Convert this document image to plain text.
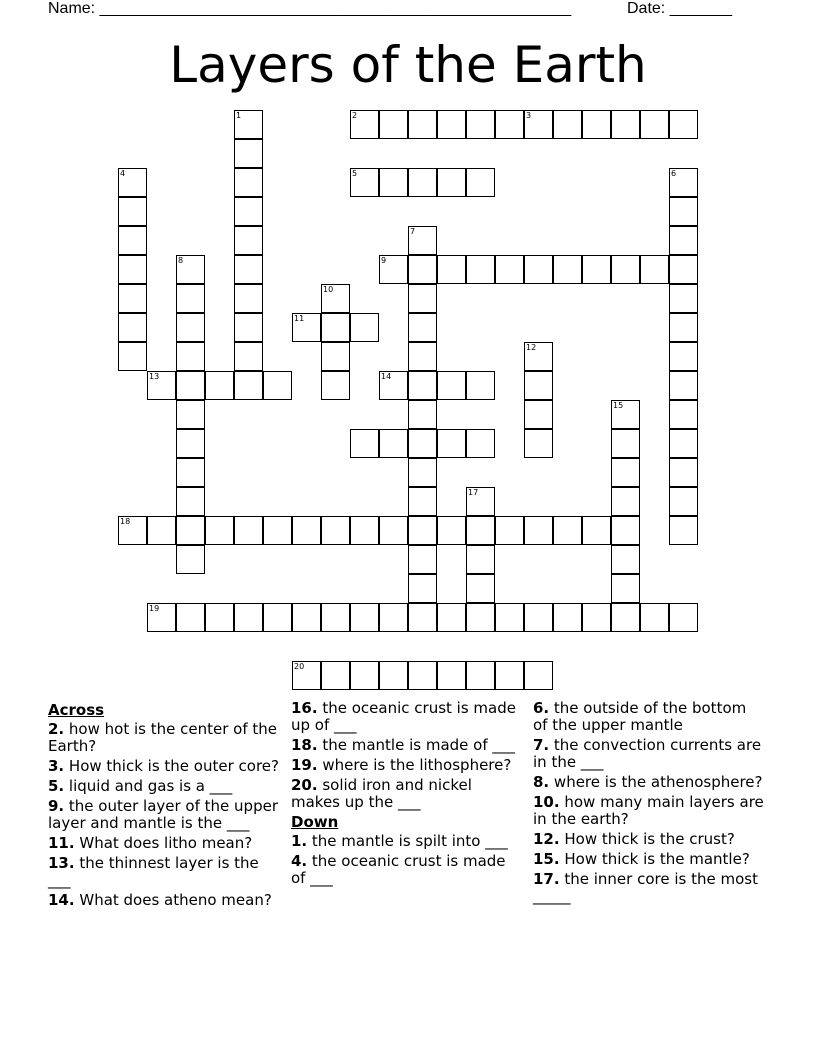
Name: _____________________________________________________

	Date: _______

Layers of the Earth
1	2	3
4	5	6
7
8	9
10
11
12
13	14
15
17
18
19
20
Across
2. how hot is the center of the Earth?
3. How thick is the outer core?
5. liquid and gas is a ___
9. the outer layer of the upper layer and mantle is the ___
11. What does litho mean?
13. the thinnest layer is the ___
14. What does atheno mean?
16. the oceanic crust is made up of ___
18. the mantle is made of ___
19. where is the lithosphere?
20. solid iron and nickel makes up the ___
Down
1. the mantle is spilt into ___
4. the oceanic crust is made of ___
6. the outside of the bottom of the upper mantle
7. the convection currents are in the ___
8. where is the athenosphere?
10. how many main layers are in the earth?
12. How thick is the crust?
15. How thick is the mantle?
17. the inner core is the most _____
